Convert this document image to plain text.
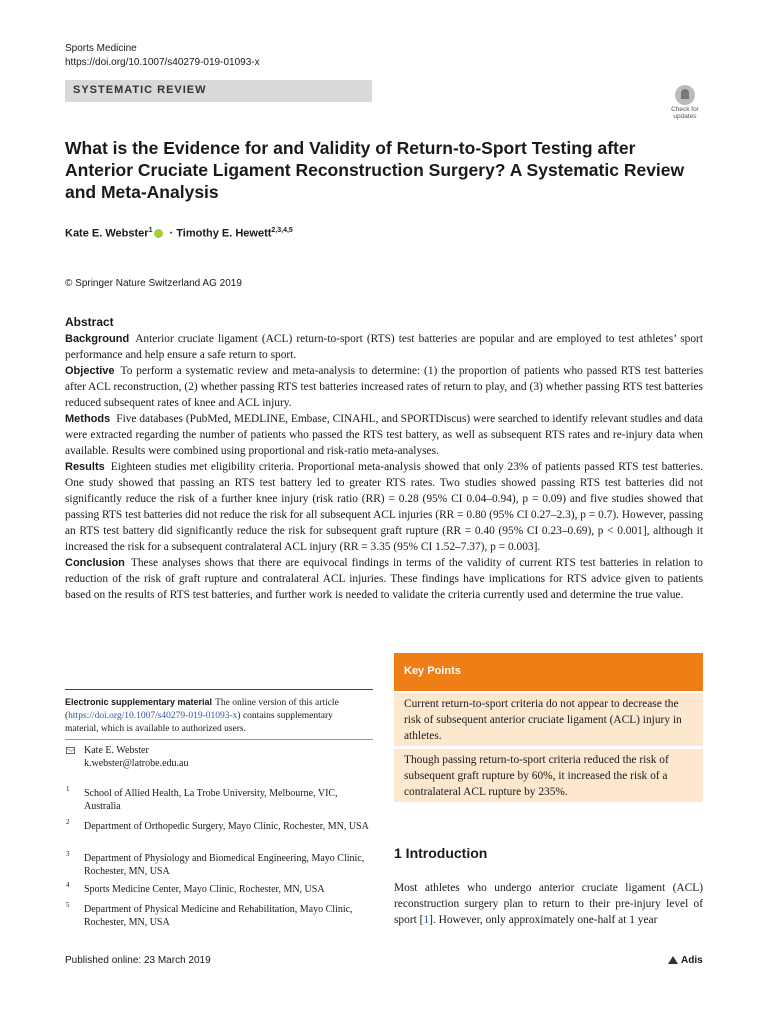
Sports Medicine
https://doi.org/10.1007/s40279-019-01093-x
SYSTEMATIC REVIEW
Check for updates
What is the Evidence for and Validity of Return-to-Sport Testing after Anterior Cruciate Ligament Reconstruction Surgery? A Systematic Review and Meta-Analysis
Kate E. Webster$^1$ · Timothy E. Hewett$^{2,3,4,5}$
© Springer Nature Switzerland AG 2019
Abstract

Background Anterior cruciate ligament (ACL) return-to-sport (RTS) test batteries are popular and are employed to test athletes’ sport performance and help ensure a safe return to sport.

Objective To perform a systematic review and meta-analysis to determine: (1) the proportion of patients who passed RTS test batteries after ACL reconstruction, (2) whether passing RTS test batteries increased rates of return to play, and (3) whether passing RTS test batteries reduced subsequent rates of knee and ACL injury.

Methods Five databases (PubMed, MEDLINE, Embase, CINAHL, and SPORTDiscus) were searched to identify relevant studies and data were extracted regarding the number of patients who passed the RTS test battery, as well as subsequent RTS rates and re-injury data when available. Results were combined using proportional and risk-ratio meta-analyses.

Results Eighteen studies met eligibility criteria. Proportional meta-analysis showed that only 23% of patients passed RTS test batteries. One study showed that passing an RTS test battery led to greater RTS rates. Two studies showed passing RTS test batteries did not significantly reduce the risk of a further knee injury (risk ratio (RR) = 0.28 (95% CI 0.04–0.94), p = 0.09) and five studies showed that passing RTS test batteries did not reduce the risk for all subsequent ACL injuries (RR = 0.80 (95% CI 0.27–2.3), p = 0.7). However, passing an RTS test battery did significantly reduce the risk for subsequent graft rupture (RR = 0.40 (95% CI 0.23–0.69), p < 0.001], although it increased the risk for a subsequent contralateral ACL injury (RR = 3.35 (95% CI 1.52–7.37), p = 0.003].

Conclusion These analyses shows that there are equivocal findings in terms of the validity of current RTS test batteries in relation to reduction of the risk of graft rupture and contralateral ACL injuries. These findings have implications for RTS advice given to patients based on the results of RTS test batteries, and further work is needed to validate the criteria currently used and determine the true value.

Key Points
Current return-to-sport criteria do not appear to decrease the risk of subsequent anterior cruciate ligament (ACL) injury in athletes.
Though passing return-to-sport criteria reduced the risk of subsequent graft rupture by 60%, it increased the risk of a contralateral ACL rupture by 235%.
Electronic supplementary material The online version of this article (https://doi.org/10.1007/s40279-019-01093-x) contains supplementary material, which is available to authorized users.
Kate E. Webster
k.webster@latrobe.edu.au
1 School of Allied Health, La Trobe University, Melbourne, VIC, Australia
2 Department of Orthopedic Surgery, Mayo Clinic, Rochester, MN, USA
3 Department of Physiology and Biomedical Engineering, Mayo Clinic, Rochester, MN, USA
4 Sports Medicine Center, Mayo Clinic, Rochester, MN, USA
5 Department of Physical Medicine and Rehabilitation, Mayo Clinic, Rochester, MN, USA
1 Introduction
Most athletes who undergo anterior cruciate ligament (ACL) reconstruction surgery plan to return to their pre-injury level of sport [1]. However, only approximately one-half at 1 year
Published online: 23 March 2019	Adis
